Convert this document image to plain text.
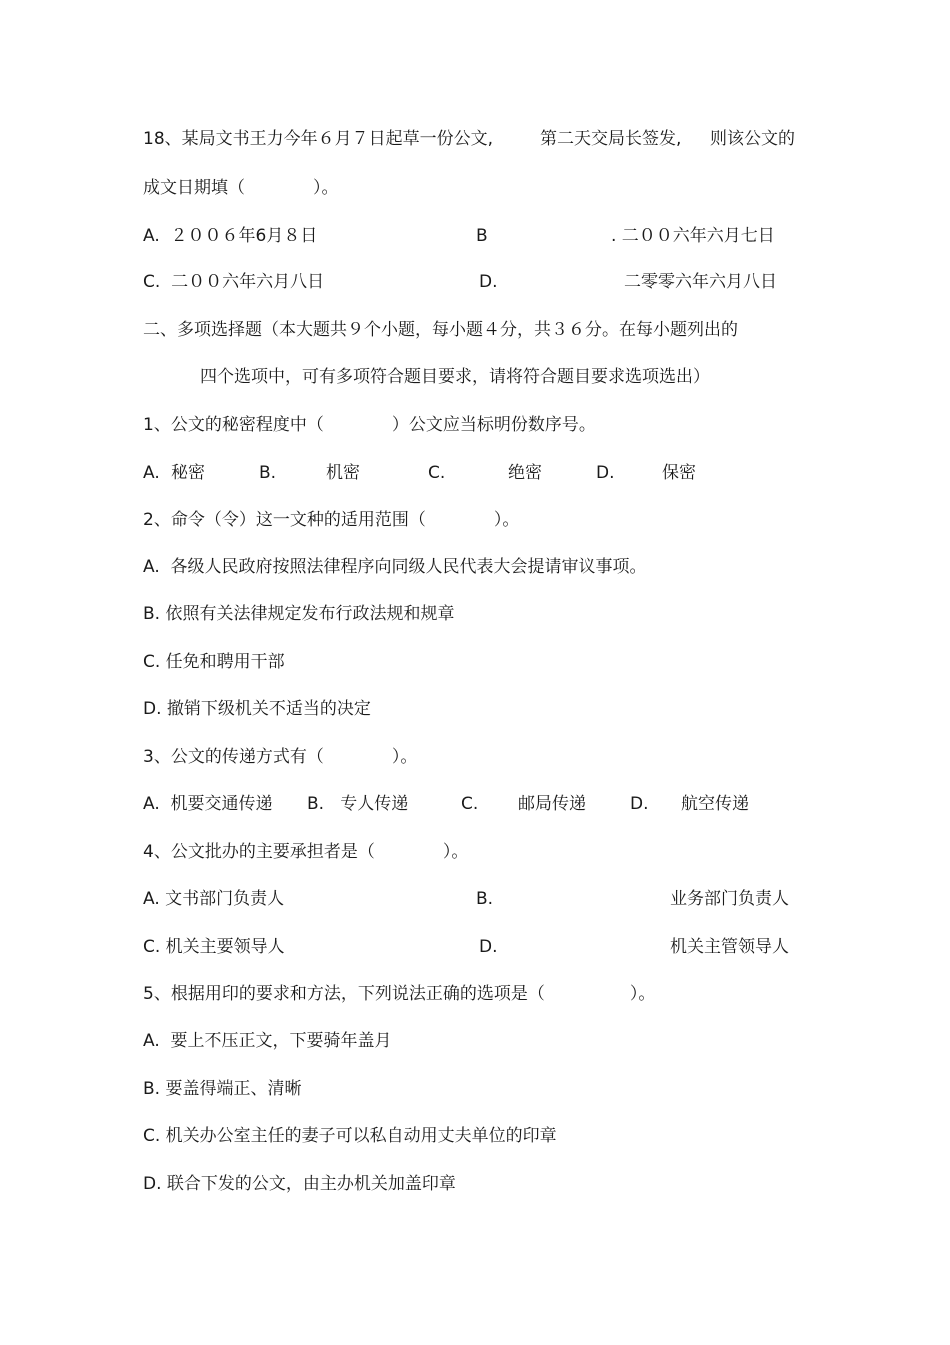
18、某局文书王力今年６月７日起草一份公文,

	第二天交局长签发,

则该公文的

成文日期填（　　　　）。

A.  ２００６年6月８日

	B

	. 二００六年六月七日

C.  二００六年六月八日

	D.

	二零零六年六月八日

二、多项选择题（本大题共９个小题，每小题４分，共３６分。在每小题列出的
四个选项中，可有多项符合题目要求，请将符合题目要求选项选出）
1、公文的秘密程度中（　　　　）公文应当标明份数序号。

A.

秘密

	B.

	机密

	C.

	绝密

	D.

	保密

2、命令（令）这一文种的适用范围（　　　　）。
A.  各级人民政府按照法律程序向同级人民代表大会提请审议事项。
B. 依照有关法律规定发布行政法规和规章
C. 任免和聘用干部
D. 撤销下级机关不适当的决定
3、公文的传递方式有（　　　　）。

A.  机要交通传递

B.   专人传递

	C.

邮局传递

	D.

航空传递

4、公文批办的主要承担者是（　　　　）。

A. 文书部门负责人

	B.

	业务部门负责人

C. 机关主要领导人

	D.

	机关主管领导人

5、根据用印的要求和方法，下列说法正确的选项是（　　　　　）。
A.  要上不压正文，下要骑年盖月
B. 要盖得端正、清晰
C. 机关办公室主任的妻子可以私自动用丈夫单位的印章
D. 联合下发的公文，由主办机关加盖印章
